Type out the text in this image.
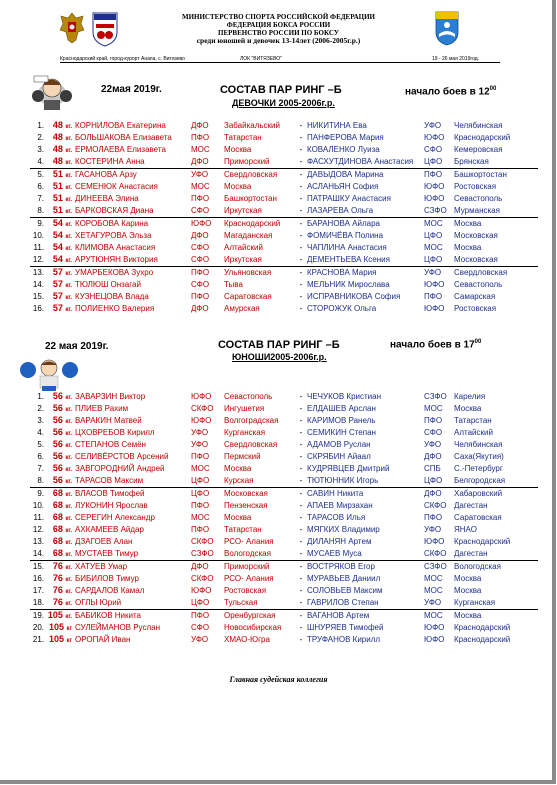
МИНИСТЕРСТВО СПОРТА РОССИЙСКОЙ ФЕДЕРАЦИИ
ФЕДЕРАЦИЯ БОКСА РОССИИ
ПЕРВЕНСТВО РОССИИ ПО БОКСУ
среди юношей и девочек 13-14лет (2006-2005г.р.)
Краснодарский край, город-курорт Анапа, с. Витязево	ЛОК "ВИТЯЗЕВО"	19 - 26 мая 2019год.
22мая 2019г.	СОСТАВ ПАР РИНГ –Б
ДЕВОЧКИ 2005-2006г.р.
начало боев в $12^{00}$
1.	48 кг.	КОРНИЛОВА Екатерина	ДФО	Забайкальский	-	НИКИТИНА Ева	УФО	Челябинская
2.	48 кг.	БОЛЬШАКОВА Елизавета	ПФО	Татарстан	-	ПАНФЕРОВА Мария	ЮФО	Краснодарский
3.	48 кг.	ЕРМОЛАЕВА Елизавета	МОС	Москва	-	КОВАЛЕНКО Луиза	СФО	Кемеровская
4.	48 кг.	КОСТЕРИНА Анна	ДФО	Приморский	-	ФАСХУТДИНОВА Анастасия	ЦФО	Брянская
5.	51 кг.	ГАСАНОВА Арзу	УФО	Свердловская	-	ДАВЫДОВА Марина	ПФО	Башкортостан
6.	51 кг.	СЕМЕНЮК Анастасия	МОС	Москва	-	АСЛАНЬЯН София	ЮФО	Ростовская
7.	51 кг.	ДИНЕЕВА Элина	ПФО	Башкортостан	-	ПАТРАШКУ Анастасия	ЮФО	Севастополь
8.	51 кг.	БАРКОВСКАЯ Диана	СФО	Иркутская	-	ЛАЗАРЕВА Ольга	СЗФО	Мурманская
9.	54 кг.	КОРОБОВА Карина	ЮФО	Краснодарский	-	БАРАНОВА Айлара	МОС	Москва
10.	54 кг.	ХЕТАГУРОВА Эльза	ДФО	Магаданская	-	ФОМИЧЁВА Полина	ЦФО	Московская
11.	54 кг.	КЛИМОВА Анастасия	СФО	Алтайский	-	ЧАПЛИНА Анастасия	МОС	Москва
12.	54 кг.	АРУТЮНЯН Виктория	СФО	Иркутская	-	ДЕМЕНТЬЕВА Ксения	ЦФО	Московская
13.	57 кг.	УМАРБЕКОВА Зухро	ПФО	Ульяновская	-	КРАСНОВА Мария	УФО	Свердловская
14.	57 кг.	ТЮЛЮШ Онзагай	СФО	Тыва	-	МЕЛЬНИК Мирослава	ЮФО	Севастополь
15.	57 кг.	КУЗНЕЦОВА Влада	ПФО	Саратовская	-	ИСПРАВНИКОВА София	ПФО	Самарская
16.	57 кг.	ПОЛИЕНКО Валерия	ДФО	Амурская	-	СТОРОЖУК Ольга	ЮФО	Ростовская
22 мая 2019г.	СОСТАВ ПАР РИНГ –Б
ЮНОШИ2005-2006г.р.
начало боев в $17^{00}$
1.	56 кг.	ЗАВАРЗИН Виктор	ЮФО	Севастополь	-	ЧЕЧУКОВ Кристиан	СЗФО	Карелия
2.	56 кг.	ПЛИЕВ Рахим	СКФО	Ингушетия	-	ЕЛДАШЕВ Арслан	МОС	Москва
3.	56 кг.	ВАРАКИН Матвей	ЮФО	Волгоградская	-	КАРИМОВ Ранель	ПФО	Татарстан
4.	56 кг.	ЦХОВРЕБОВ Кирилл	УФО	Курганская	-	СЕМИКИН Степан	СФО	Алтайский
5.	56 кг.	СТЕПАНОВ Семён	УФО	Свердловская	-	АДАМОВ Руслан	УФО	Челябинская
6.	56 кг.	СЕЛИВЁРСТОВ Арсений	ПФО	Пермский	-	СКРЯБИН Айаал	ДФО	Саха(Якутия)
7.	56 кг.	ЗАВГОРОДНИЙ Андрей	МОС	Москва	-	КУДРЯВЦЕВ Дмитрий	СПБ	С.-Петербург
8.	56 кг.	ТАРАСОВ Максим	ЦФО	Курская	-	ТЮТЮННИК Игорь	ЦФО	Белгородская
9.	68 кг.	ВЛАСОВ Тимофей	ЦФО	Московская	-	САВИН Никита	ДФО	Хабаровский
10.	68 кг.	ЛУКОНИН Ярослав	ПФО	Пензенская	-	АПАЕВ Мирзахан	СКФО	Дагестан
11.	68 кг.	СЕРЕГИН Александр	МОС	Москва	-	ТАРАСОВ Илья	ПФО	Саратовская
12.	68 кг.	АХКАМЕЕВ Айдар	ПФО	Татарстан	-	МЯГКИХ Владимир	УФО	ЯНАО
13.	68 кг.	ДЗАГОЕВ Алан	СКФО	РСО- Алания	-	ДИЛАНЯН Артем	ЮФО	Краснодарский
14.	68 кг.	МУСТАЕВ Тимур	СЗФО	Вологодская	-	МУСАЕВ Муса	СКФО	Дагестан
15.	76 кг.	ХАТУЕВ Умар	ДФО	Приморский	-	ВОСТРЯКОВ Егор	СЗФО	Вологодская
16.	76 кг.	БИБИЛОВ Тимур	СКФО	РСО- Алания	-	МУРАВЬЕВ Даниил	МОС	Москва
17.	76 кг.	САРДАЛОВ Камал	ЮФО	Ростовская	-	СОЛОВЬЕВ Максим	МОС	Москва
18.	76 кг.	ОГЛЫ Юрий	ЦФО	Тульская	-	ГАВРИЛОВ Степан	УФО	Курганская
19.	105 кг.	БАБИКОВ Никита	ПФО	Оренбургская	-	ВАГАНОВ Артем	МОС	Москва
20.	105 кг	СУЛЕЙМАНОВ Руслан	СФО	Новосибирская	-	ШНУРЯЕВ Тимофей	ЮФО	Краснодарский
21.	105 кг	ОРОПАЙ Иван	УФО	ХМАО-Югра	-	ТРУФАНОВ Кирилл	ЮФО	Краснодарский
Главная судейская коллегия
